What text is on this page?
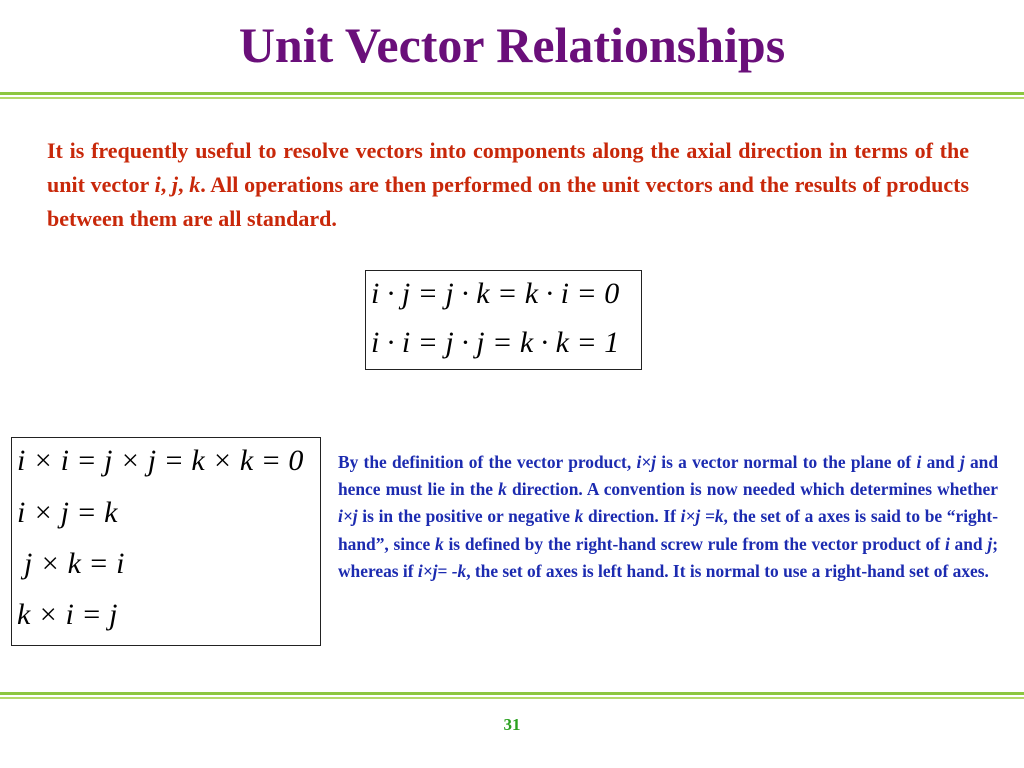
Unit Vector Relationships

It is frequently useful to resolve vectors into components along the axial direction in terms of the unit vector i, j, k. All operations are then performed on the unit vectors and the results of products between them are all standard.

i · j = j · k = k · i = 0
i · i = j · j = k · k = 1
i × i = j × j = k × k = 0
i × j = k
j × k = i
k × i = j

By the definition of the vector product, i×j is a vector normal to the plane of i and j and hence must lie in the k direction. A convention is now needed which determines whether i×j is in the positive or negative k direction. If i×j =k, the set of a axes is said to be “right-hand”, since k is defined by the right-hand screw rule from the vector product of i and j; whereas if i×j= -k, the set of axes is left hand. It is normal to use a right-hand set of axes.

31
